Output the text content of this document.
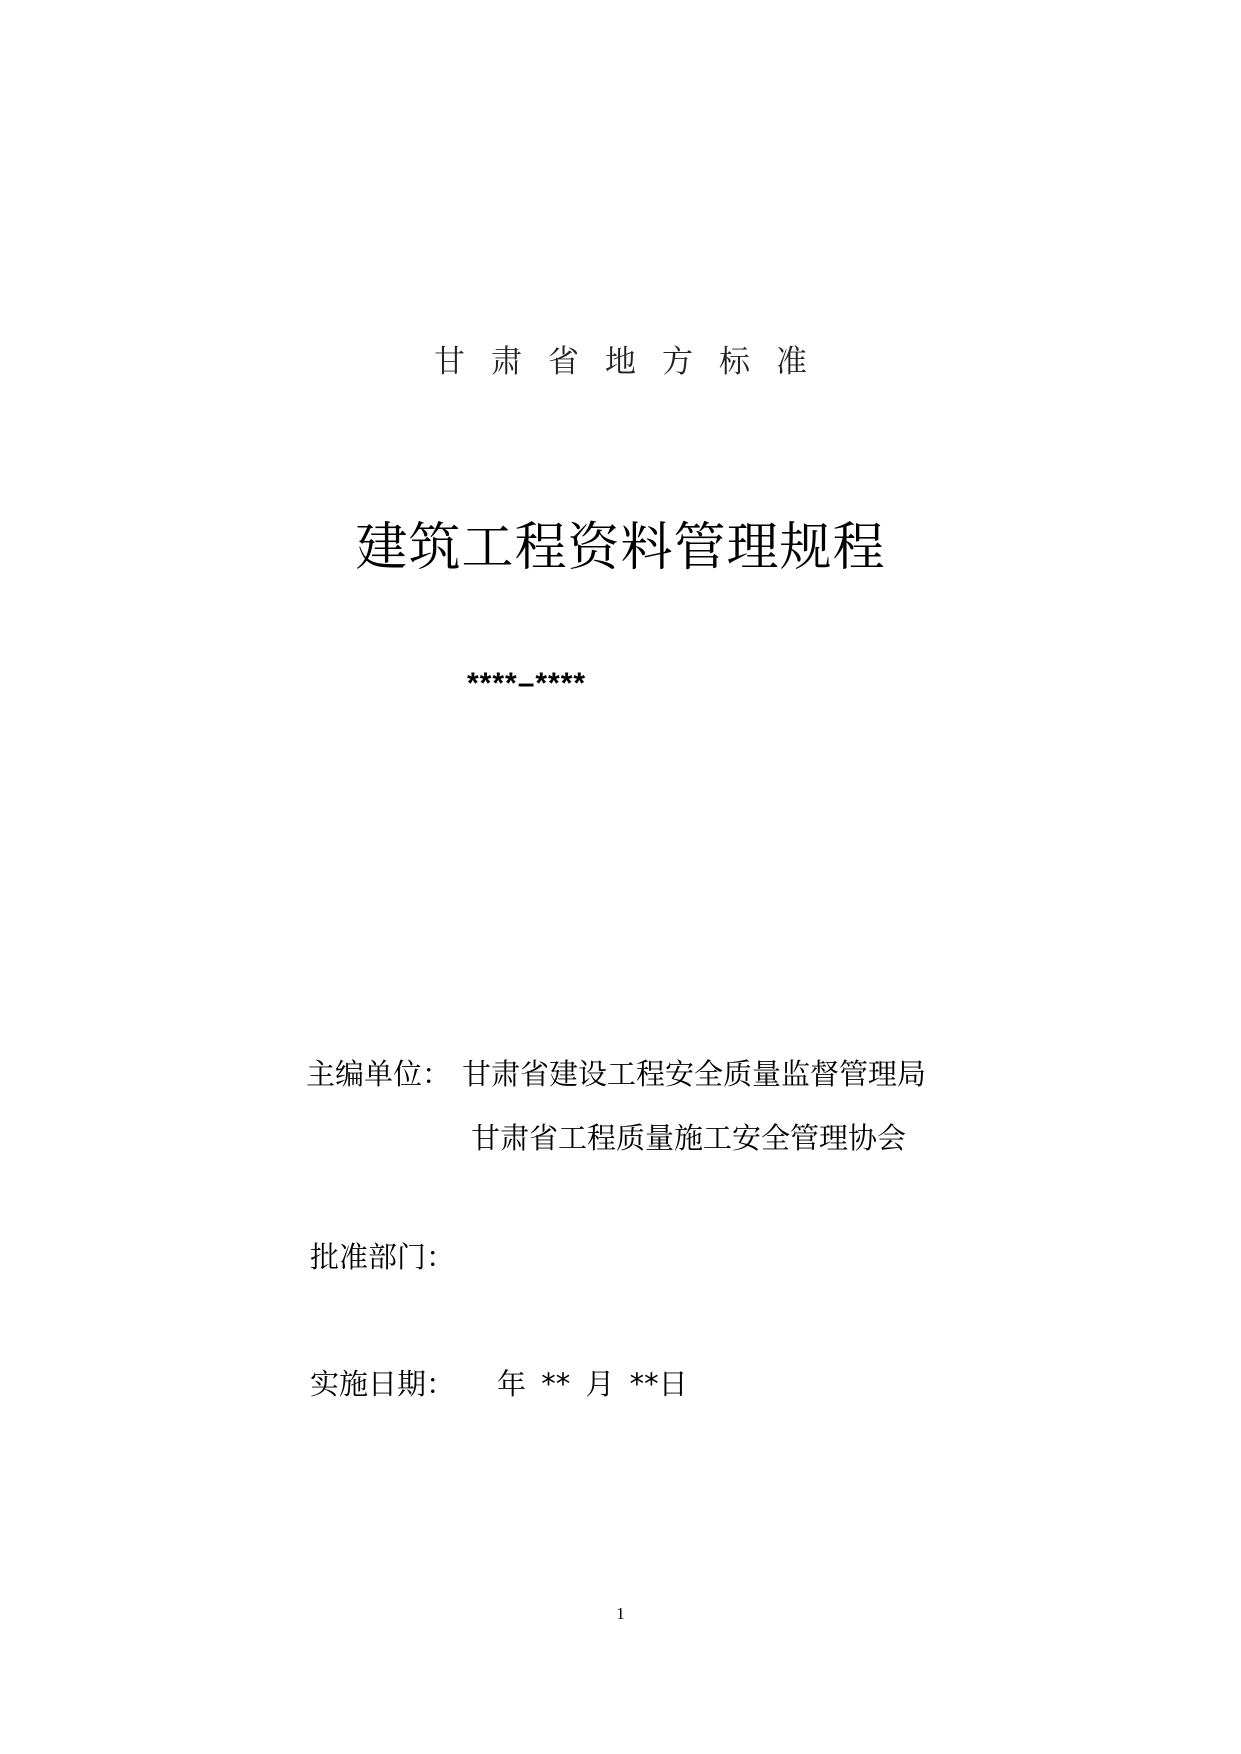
甘肃省地方标准
建筑工程资料管理规程
****–****
主编单位： 甘肃省建设工程安全质量监督管理局
甘肃省工程质量施工安全管理协会
批准部门：
实施日期： 年 ** 月 **日
1
